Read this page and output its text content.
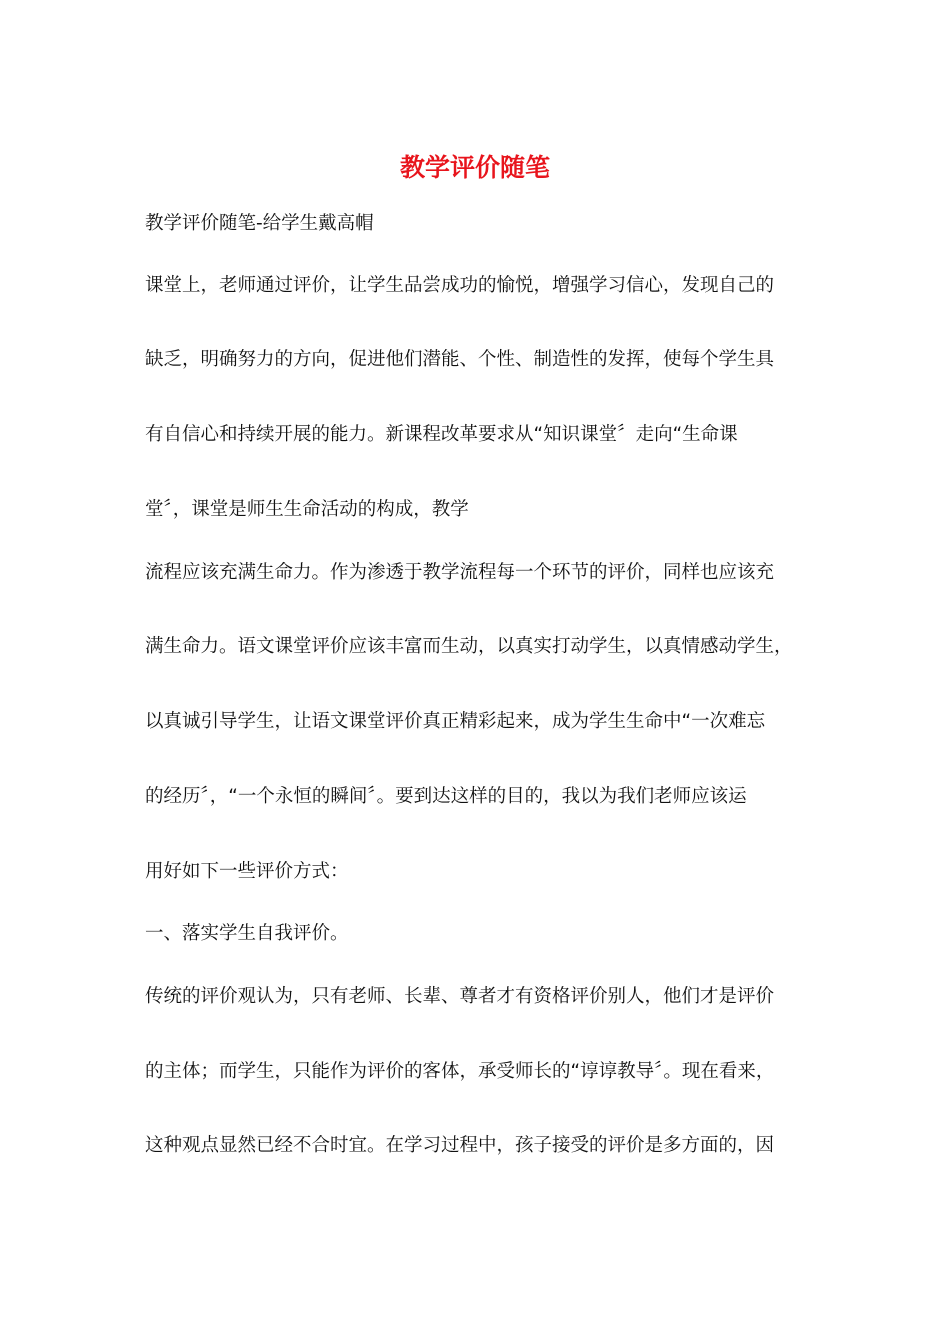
教学评价随笔
教学评价随笔-给学生戴高帽
课堂上，老师通过评价，让学生品尝成功的愉悦，增强学习信心，发现自己的
缺乏，明确努力的方向，促进他们潜能、个性、制造性的发挥，使每个学生具
有自信心和持续开展的能力。新课程改革要求从“知识课堂〞走向“生命课
堂〞，课堂是师生生命活动的构成，教学
流程应该充满生命力。作为渗透于教学流程每一个环节的评价，同样也应该充
满生命力。语文课堂评价应该丰富而生动，以真实打动学生，以真情感动学生，
以真诚引导学生，让语文课堂评价真正精彩起来，成为学生生命中“一次难忘
的经历〞，“一个永恒的瞬间〞。要到达这样的目的，我以为我们老师应该运
用好如下一些评价方式：
一、落实学生自我评价。
传统的评价观认为，只有老师、长辈、尊者才有资格评价别人，他们才是评价
的主体；而学生，只能作为评价的客体，承受师长的“谆谆教导〞。现在看来，
这种观点显然已经不合时宜。在学习过程中，孩子接受的评价是多方面的，因
